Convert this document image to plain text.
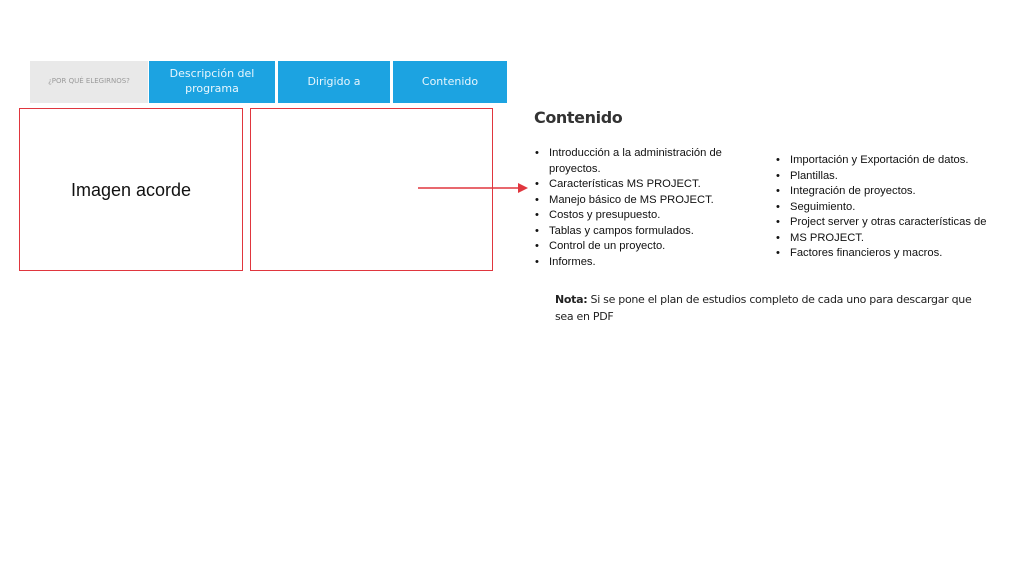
¿POR QUÉ ELEGIRNOS?
Descripción del programa
Dirigido a	Contenido
Imagen acorde
Contenido
• Introducción a la administración de proyectos.
• Características MS PROJECT.
• Manejo básico de MS PROJECT.
• Costos y presupuesto.
• Tablas y campos formulados.
• Control de un proyecto.
• Informes.
• Importación y Exportación de datos.
• Plantillas.
• Integración de proyectos.
• Seguimiento.
• Project server y otras características de
• MS PROJECT.
• Factores financieros y macros.
Nota: Si se pone el plan de estudios completo de cada uno para descargar que sea en PDF
